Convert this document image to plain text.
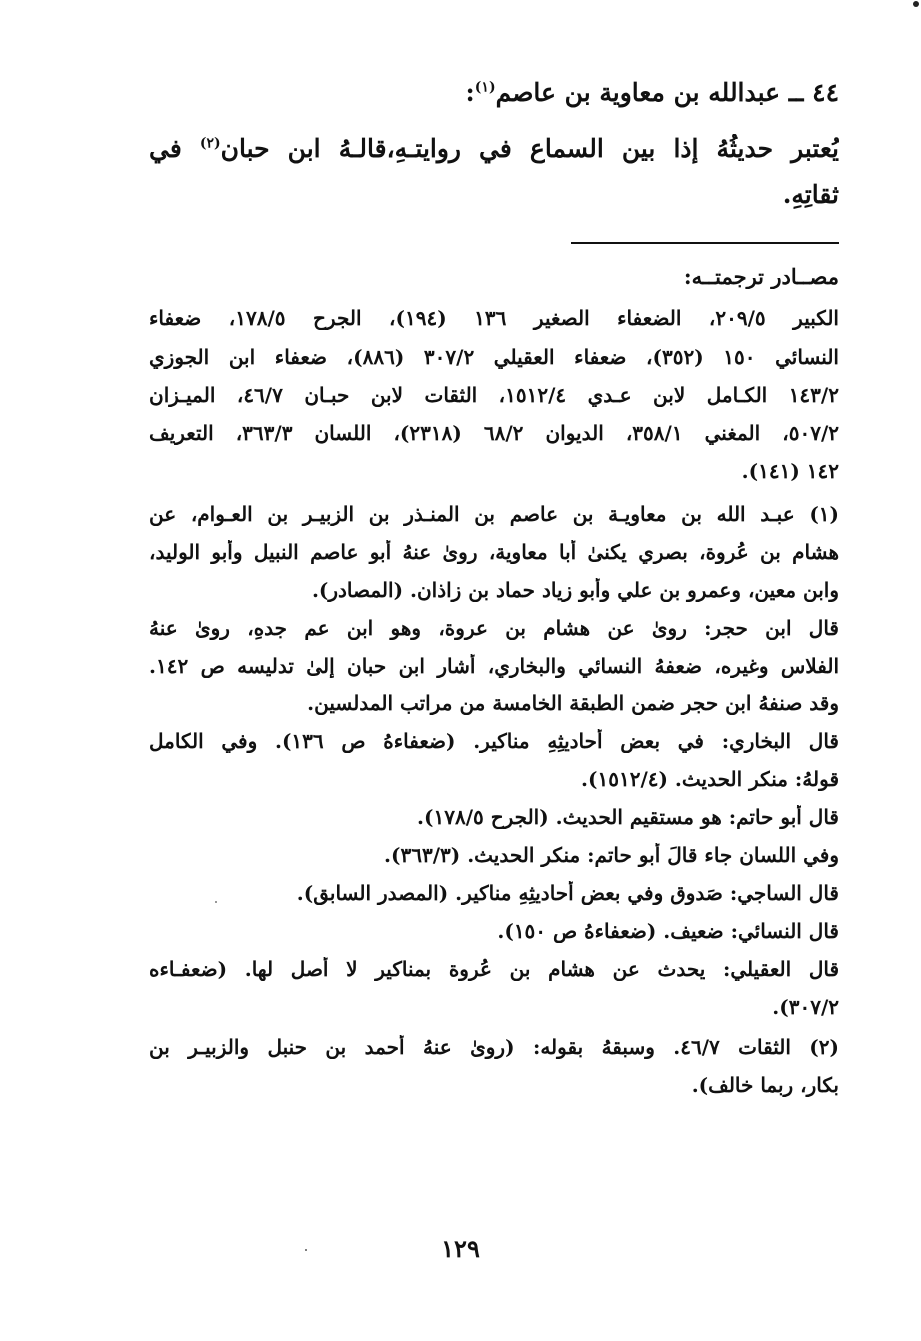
٤٤ ــ عبدالله بن معاوية بن عاصم$^{(١)}$:
يُعتبر حديثُهُ إذا بين السماع في روايتـهِ،قالـهُ ابن حبان$^{(٢)}$ في
ثقاتِهِ.
مصــادر ترجمتــه:
الكبير ٢٠٩/٥، الضعفاء الصغير ١٣٦ (١٩٤)، الجرح ١٧٨/٥، ضعفاء
النسائي ١٥٠ (٣٥٢)، ضعفاء العقيلي ٣٠٧/٢ (٨٨٦)، ضعفاء ابن الجوزي
١٤٣/٢ الكـامل لابن عـدي ١٥١٢/٤، الثقات لابن حبـان ٤٦/٧، الميـزان
٥٠٧/٢، المغني ٣٥٨/١، الديوان ٦٨/٢ (٢٣١٨)، اللسان ٣٦٣/٣، التعريف
١٤٢ (١٤١).
(١) عبـد الله بن معاويـة بن عاصم بن المنـذر بن الزبيـر بن العـوام، عن
هشام بن عُروة، بصري يكنىٰ أبا معاوية، روىٰ عنهُ أبو عاصم النبيل وأبو الوليد،
وابن معين، وعمرو بن علي وأبو زياد حماد بن زاذان. (المصادر).
قال ابن حجر: روىٰ عن هشام بن عروة، وهو ابن عم جدهِ، روىٰ عنهُ
الفلاس وغيره، ضعفهُ النسائي والبخاري، أشار ابن حبان إلىٰ تدليسه ص ١٤٢.
وقد صنفهُ ابن حجر ضمن الطبقة الخامسة من مراتب المدلسين.
قال البخاري: في بعض أحاديثِهِ مناكير. (ضعفاءهُ ص ١٣٦). وفي الكامل
قولهُ: منكر الحديث. (١٥١٢/٤).
قال أبو حاتم: هو مستقيم الحديث. (الجرح ١٧٨/٥).
وفي اللسان جاء قالَ أبو حاتم: منكر الحديث. (٣٦٣/٣).
قال الساجي: صَدوق وفي بعض أحاديثِهِ مناكير. (المصدر السابق).
قال النسائي: ضعيف. (ضعفاءهُ ص ١٥٠).
قال العقيلي: يحدث عن هشام بن عُروة بمناكير لا أُصل لها. (ضعفـاءه
٣٠٧/٢).
(٢) الثقات ٤٦/٧. وسبقهُ بقوله: (روىٰ عنهُ أحمد بن حنبل والزبيـر بن
بكار، ربما خالف).
١٢٩
